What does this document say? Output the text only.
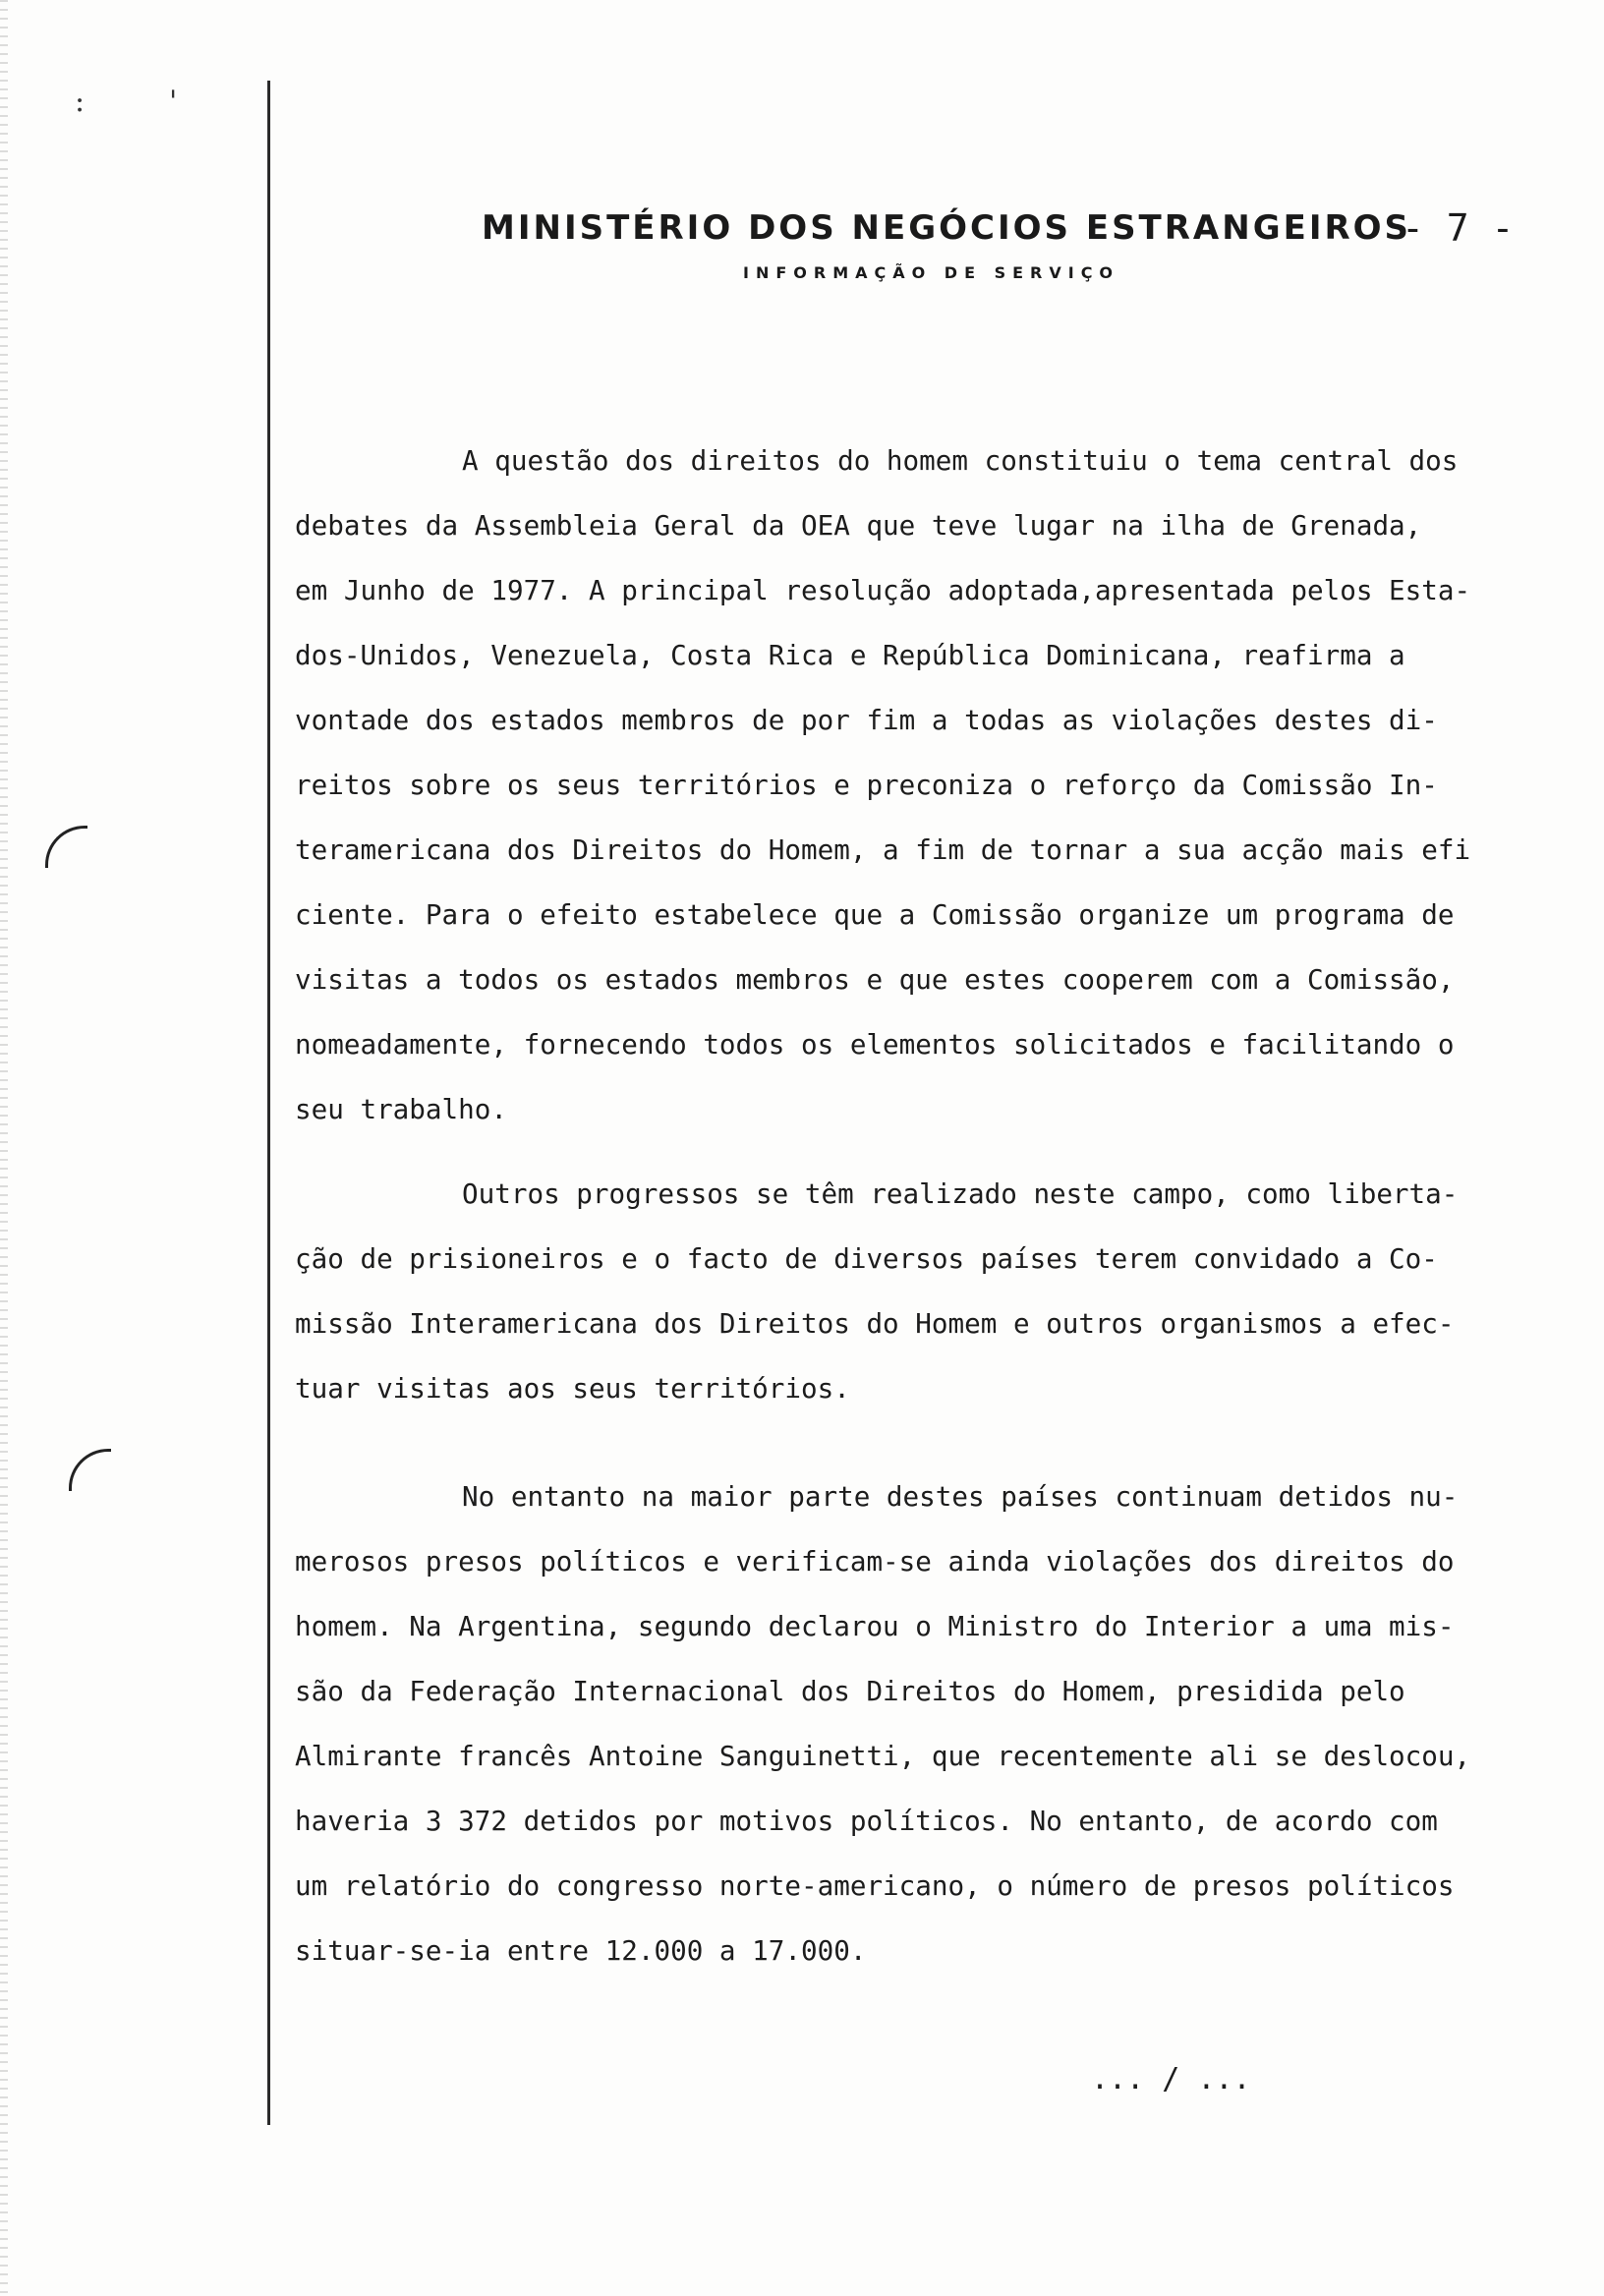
:	'
MINISTÉRIO DOS NEGÓCIOS ESTRANGEIROS
- 7 -
INFORMAÇÃO DE SERVIÇO
A questão dos direitos do homem constituiu o tema central dos
debates da Assembleia Geral da OEA que teve lugar na ilha de Grenada,
em Junho de 1977. A principal resolução adoptada,apresentada pelos Esta-
dos-Unidos, Venezuela, Costa Rica e República Dominicana, reafirma a
vontade dos estados membros de por fim a todas as violações destes di-
reitos sobre os seus territórios e preconiza o reforço da Comissão In-
teramericana dos Direitos do Homem, a fim de tornar a sua acção mais efi
ciente. Para o efeito estabelece que a Comissão organize um programa de
visitas a todos os estados membros e que estes cooperem com a Comissão,
nomeadamente, fornecendo todos os elementos solicitados e facilitando o
seu trabalho.
Outros progressos se têm realizado neste campo, como liberta-
ção de prisioneiros e o facto de diversos países terem convidado a Co-
missão Interamericana dos Direitos do Homem e outros organismos a efec-
tuar visitas aos seus territórios.
No entanto na maior parte destes países continuam detidos nu-
merosos presos políticos e verificam-se ainda violações dos direitos do
homem. Na Argentina, segundo declarou o Ministro do Interior a uma mis-
são da Federação Internacional dos Direitos do Homem, presidida pelo
Almirante francês Antoine Sanguinetti, que recentemente ali se deslocou,
haveria 3 372 detidos por motivos políticos. No entanto, de acordo com
um relatório do congresso norte-americano, o número de presos políticos
situar-se-ia entre 12.000 a 17.000.
... / ...
